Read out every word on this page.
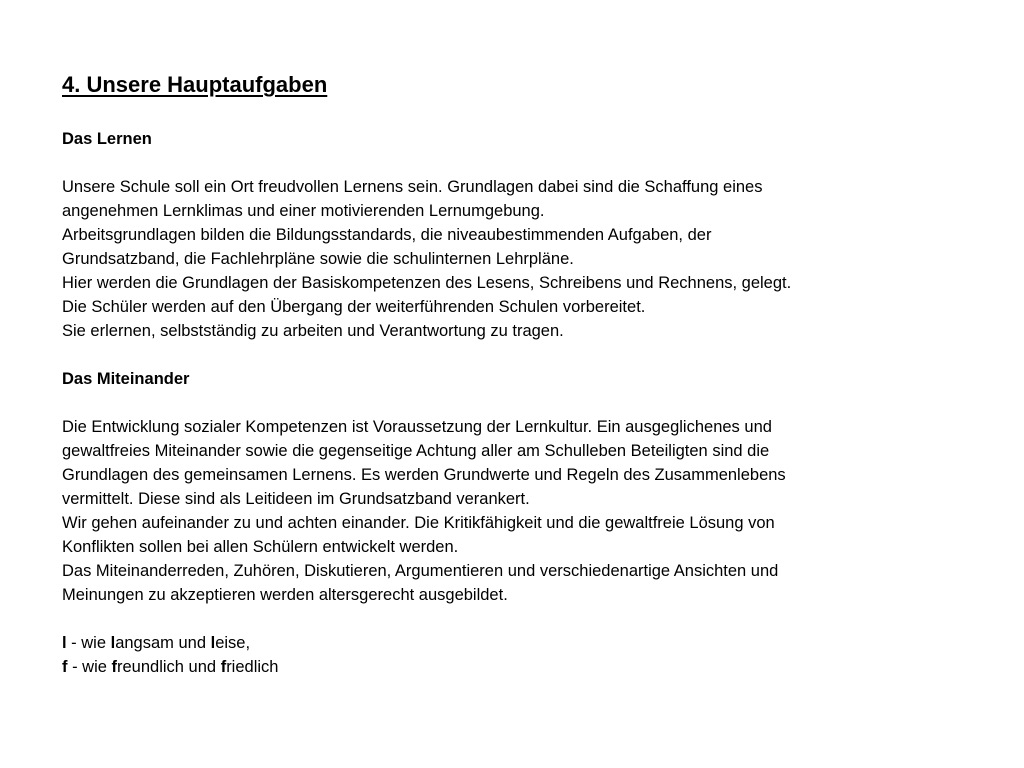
4. Unsere Hauptaufgaben
Das Lernen
Unsere Schule soll ein Ort freudvollen Lernens sein. Grundlagen dabei sind die Schaffung eines
angenehmen Lernklimas und einer motivierenden Lernumgebung.
Arbeitsgrundlagen bilden die Bildungsstandards, die niveaubestimmenden Aufgaben, der
Grundsatzband, die Fachlehrpläne sowie die schulinternen Lehrpläne.
Hier werden die Grundlagen der Basiskompetenzen des Lesens, Schreibens und Rechnens, gelegt.
Die Schüler werden auf den Übergang der weiterführenden Schulen vorbereitet.
Sie erlernen, selbstständig zu arbeiten und Verantwortung zu tragen.
Das Miteinander
Die Entwicklung sozialer Kompetenzen ist Voraussetzung der Lernkultur. Ein ausgeglichenes und
gewaltfreies Miteinander sowie die gegenseitige Achtung aller am Schulleben Beteiligten sind die
Grundlagen des gemeinsamen Lernens. Es werden Grundwerte und Regeln des Zusammenlebens
vermittelt. Diese sind als Leitideen im Grundsatzband verankert.
Wir gehen aufeinander zu und achten einander. Die Kritikfähigkeit und die gewaltfreie Lösung von
Konflikten sollen bei allen Schülern entwickelt werden.
Das Miteinanderreden, Zuhören, Diskutieren, Argumentieren und verschiedenartige Ansichten und
Meinungen zu akzeptieren werden altersgerecht ausgebildet.
l - wie langsam und leise,
f - wie freundlich und friedlich
